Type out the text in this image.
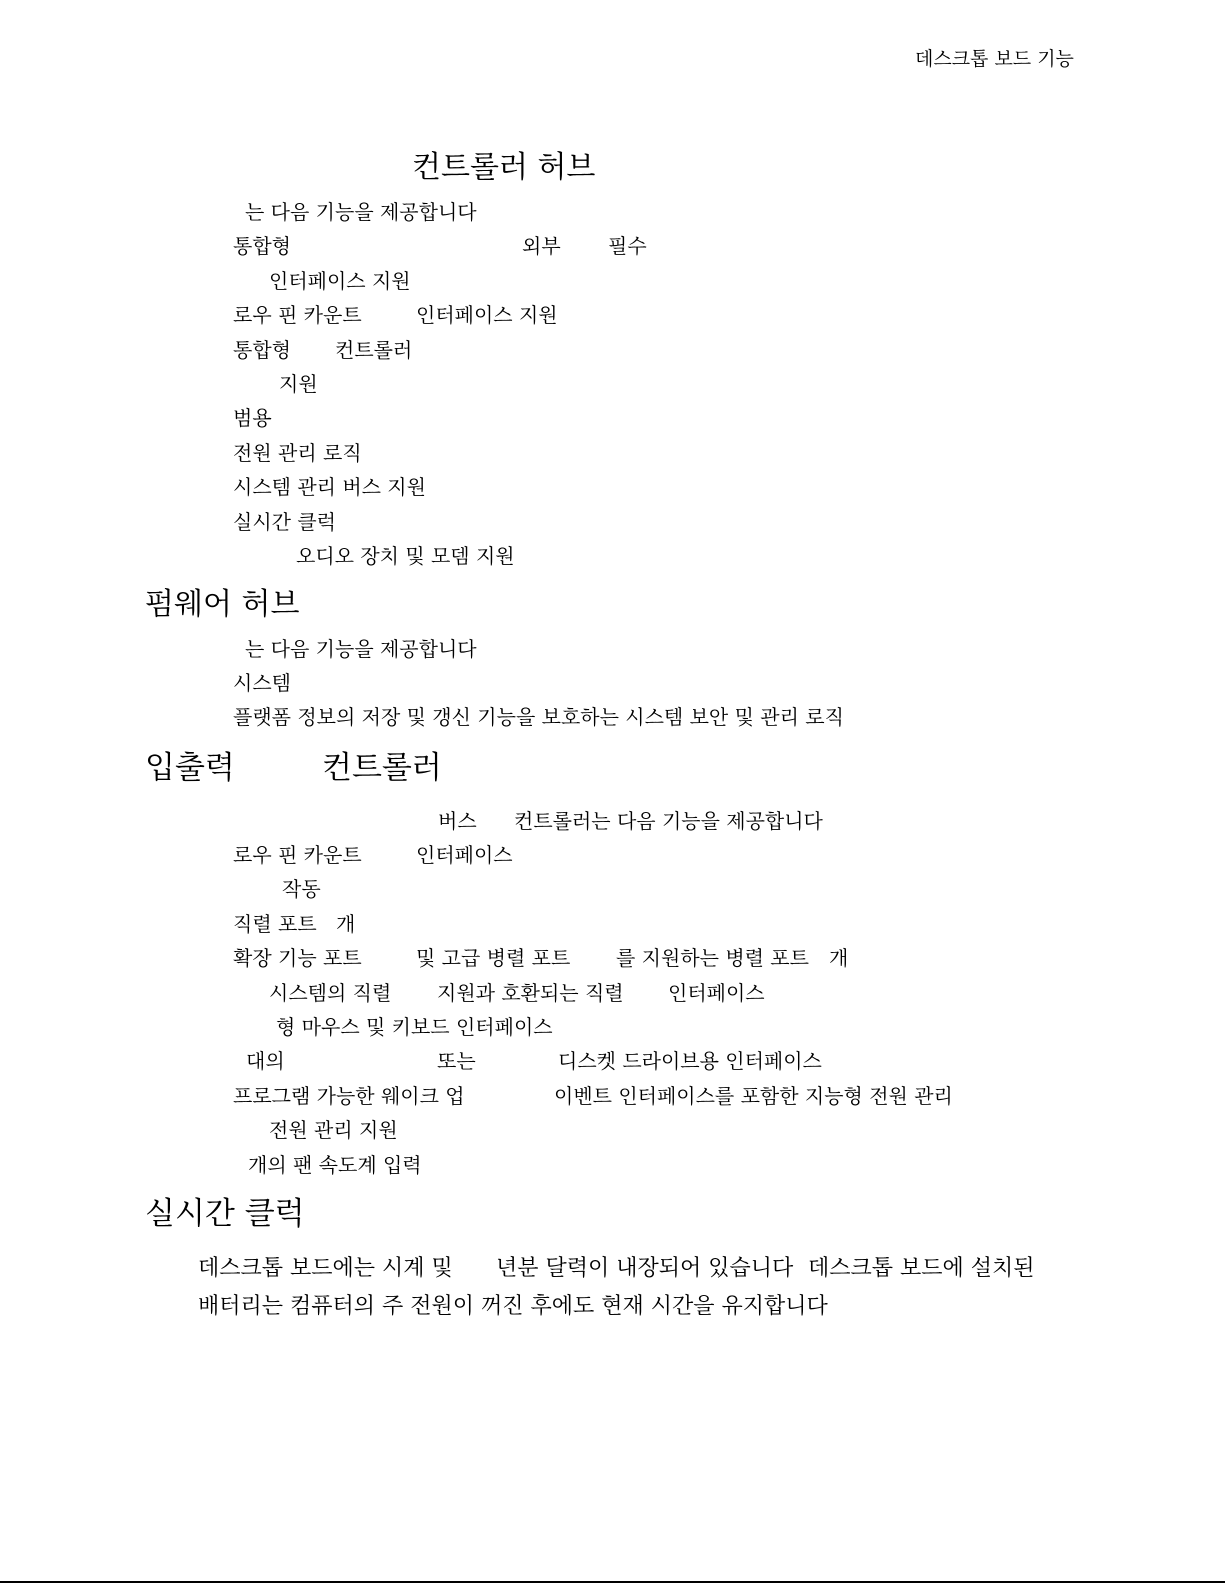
데스크톱 보드 기능
컨트롤러 허브
는 다음 기능을 제공합니다
통합형	외부 필수
인터페이스 지원
로우 핀 카운트	인터페이스 지원
통합형 컨트롤러
지원
범용
전원 관리 로직
시스템 관리 버스 지원
실시간 클럭
오디오 장치 및 모뎀 지원
펌웨어 허브
는 다음 기능을 제공합니다
시스템
플랫폼 정보의 저장 및 갱신 기능을 보호하는 시스템 보안 및 관리 로직
입출력	컨트롤러
버스 컨트롤러는 다음 기능을 제공합니다
로우 핀 카운트	인터페이스
작동
직렬 포트 개
확장 기능 포트	및 고급 병렬 포트 를 지원하는 병렬 포트 개
시스템의 직렬 지원과 호환되는 직렬 인터페이스
형 마우스 및 키보드 인터페이스
대의	또는	디스켓 드라이브용 인터페이스
프로그램 가능한 웨이크 업	이벤트 인터페이스를 포함한 지능형 전원 관리
전원 관리 지원
개의 팬 속도계 입력
실시간 클럭
데스크톱 보드에는 시계 및 년분 달력이 내장되어 있습니다 데스크톱 보드에 설치된
배터리는 컴퓨터의 주 전원이 꺼진 후에도 현재 시간을 유지합니다
